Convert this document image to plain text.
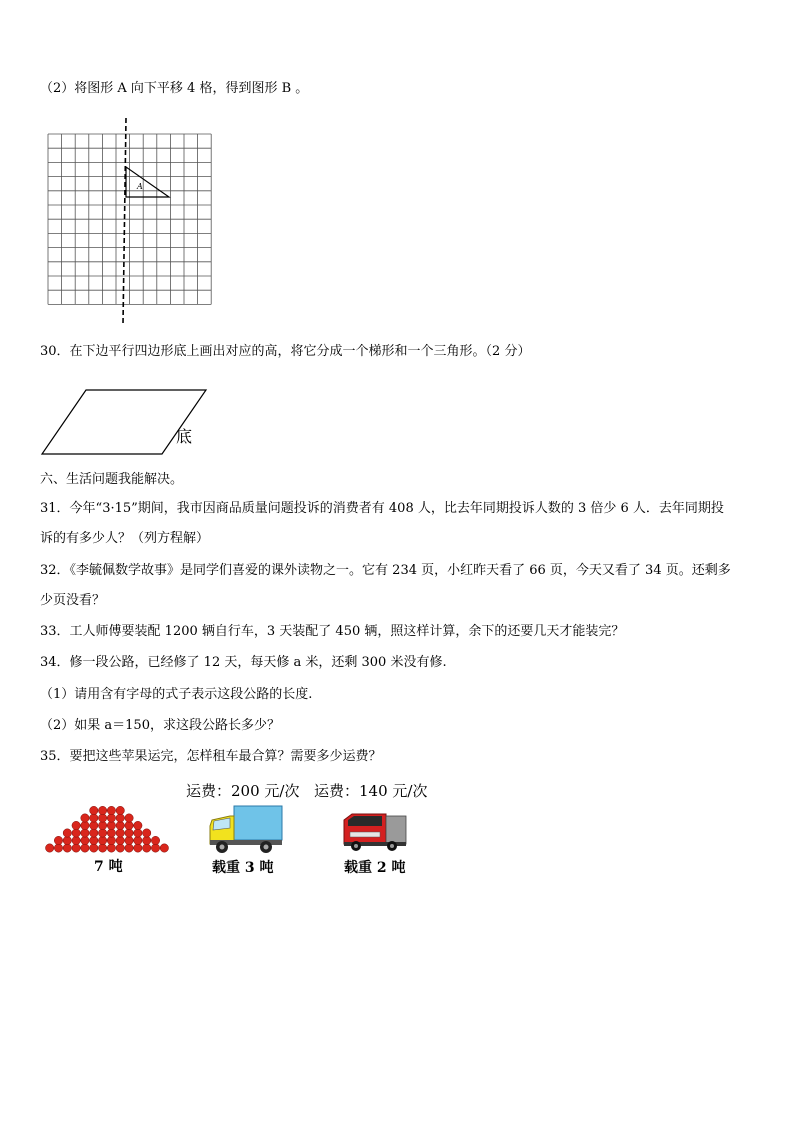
（2）将图形 A 向下平移 4 格，得到图形 B 。
A
30．在下边平行四边形底上画出对应的高，将它分成一个梯形和一个三角形。（2 分）
底
六、生活问题我能解决。
31．今年“3·15”期间，我市因商品质量问题投诉的消费者有 408 人，比去年同期投诉人数的 3 倍少 6 人．去年同期投
诉的有多少人？（列方程解）
32．《李毓佩数学故事》是同学们喜爱的课外读物之一。它有 234 页，小红昨天看了 66 页，今天又看了 34 页。还剩多
少页没看？
33．工人师傅要装配 1200 辆自行车，3 天装配了 450 辆，照这样计算，余下的还要几天才能装完？
34．修一段公路，已经修了 12 天，每天修 a 米，还剩 300 米没有修.
（1）请用含有字母的式子表示这段公路的长度.
（2）如果 a＝150，求这段公路长多少？
35．要把这些苹果运完，怎样租车最合算？需要多少运费？
运费：200 元/次 运费：140 元/次
7 吨	载重 3 吨	载重 2 吨
